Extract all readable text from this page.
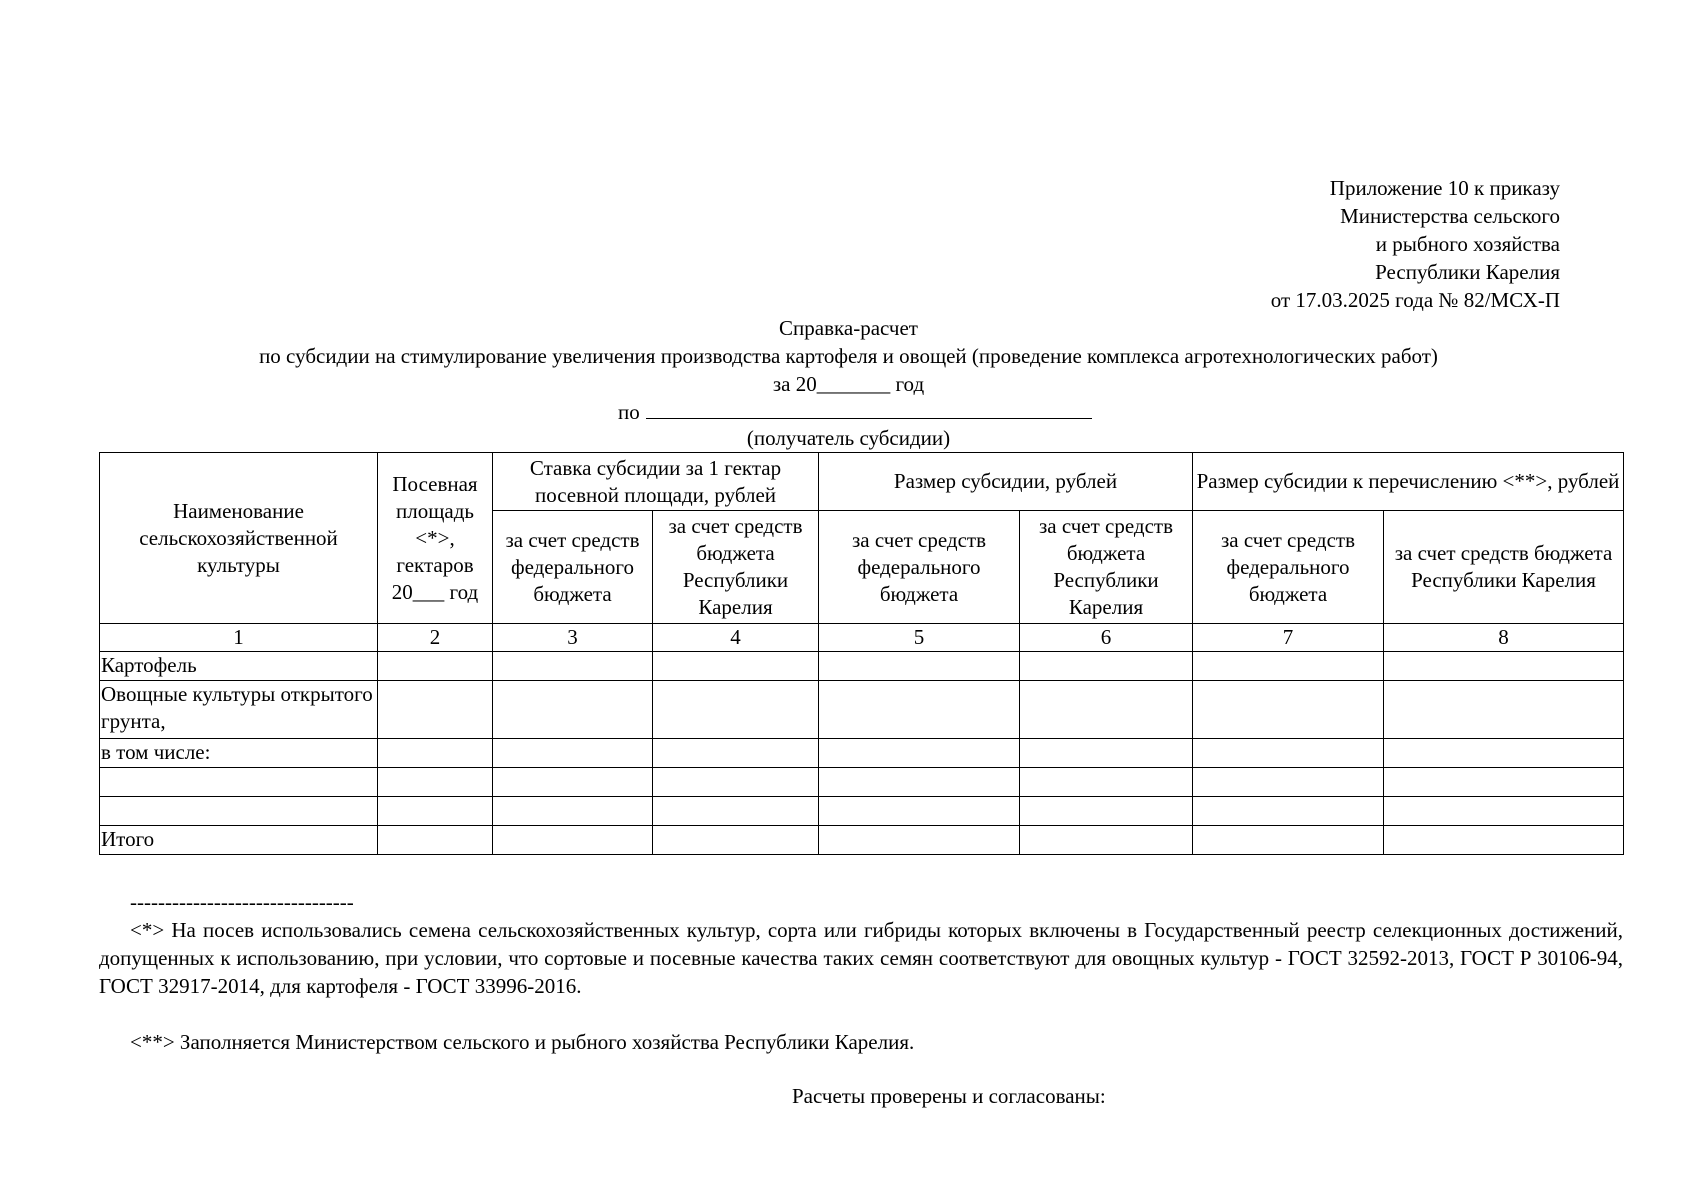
Приложение 10 к приказу
Министерства сельского
и рыбного хозяйства
Республики Карелия
от 17.03.2025 года № 82/МСХ-П
Справка-расчет
по субсидии на стимулирование увеличения производства картофеля и овощей (проведение комплекса агротехнологических работ)
за 20_______ год
по
(получатель субсидии)
Наименование сельскохозяйственной культуры	Посевная площадь <*>, гектаров 20___ год	Ставка субсидии за 1 гектар посевной площади, рублей		Размер субсидии, рублей		Размер субсидии к перечислению <**>, рублей	
		за счет средств федерального бюджета	за счет средств бюджета Республики Карелия	за счет средств федерального бюджета	за счет средств бюджета Республики Карелия	за счет средств федерального бюджета	за счет средств бюджета Республики Карелия
1	2	3	4	5	6	7	8
Картофель							
Овощные культуры открытого грунта,							
в том числе:							

Итого							
--------------------------------

<*> На посев использовались семена сельскохозяйственных культур, сорта или гибриды которых включены в Государственный реестр селекционных достижений, допущенных к использованию, при условии, что сортовые и посевные качества таких семян соответствуют для овощных культур - ГОСТ 32592-2013, ГОСТ Р 30106-94, ГОСТ 32917-2014, для картофеля - ГОСТ 33996-2016.

<**> Заполняется Министерством сельского и рыбного хозяйства Республики Карелия.

Расчеты проверены и согласованы:
